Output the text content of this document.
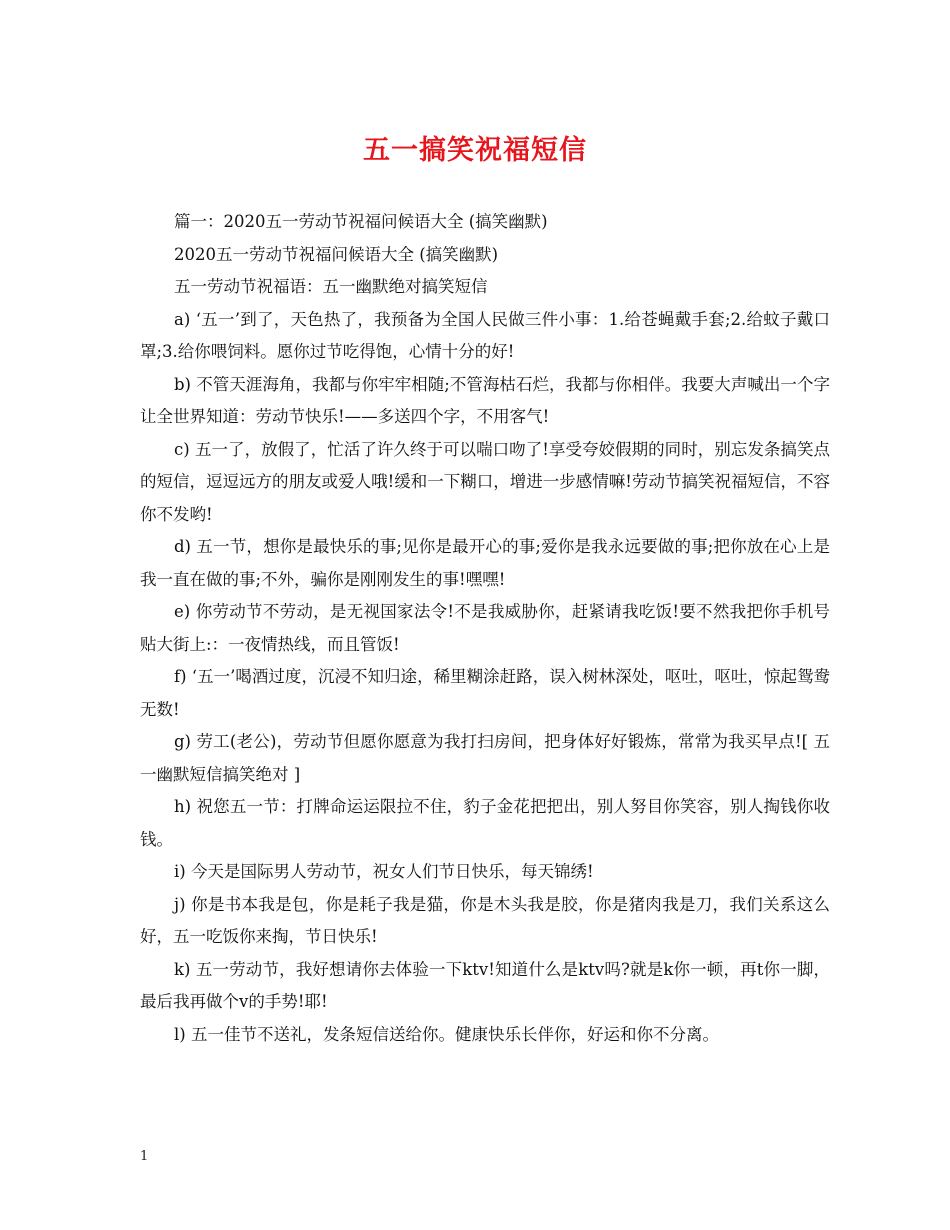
五一搞笑祝福短信

篇一：2020五一劳动节祝福问候语大全 (搞笑幽默)

2020五一劳动节祝福问候语大全 (搞笑幽默)

五一劳动节祝福语：五一幽默绝对搞笑短信

a) ‘五一’到了，天色热了，我预备为全国人民做三件小事：1.给苍蝇戴手套;2.给蚊子戴口罩;3.给你喂饲料。愿你过节吃得饱，心情十分的好!

b) 不管天涯海角，我都与你牢牢相随;不管海枯石烂，我都与你相伴。我要大声喊出一个字让全世界知道：劳动节快乐!——多送四个字，不用客气!

c) 五一了，放假了，忙活了许久终于可以喘口吻了!享受夸姣假期的同时，别忘发条搞笑点的短信，逗逗远方的朋友或爱人哦!缓和一下糊口，增进一步感情嘛!劳动节搞笑祝福短信，不容你不发哟!

d) 五一节，想你是最快乐的事;见你是最开心的事;爱你是我永远要做的事;把你放在心上是我一直在做的事;不外，骗你是刚刚发生的事!嘿嘿!

e) 你劳动节不劳动，是无视国家法令!不是我威胁你，赶紧请我吃饭!要不然我把你手机号贴大街上:：一夜情热线，而且管饭!

f) ‘五一’喝酒过度，沉浸不知归途，稀里糊涂赶路，误入树林深处，呕吐，呕吐，惊起鸳鸯无数!

g) 劳工(老公)，劳动节但愿你愿意为我打扫房间，把身体好好锻炼，常常为我买早点![ 五一幽默短信搞笑绝对 ]

h) 祝您五一节：打牌命运运限拉不住，豹子金花把把出，别人努目你笑容，别人掏钱你收钱。

i) 今天是国际男人劳动节，祝女人们节日快乐，每天锦绣!

j) 你是书本我是包，你是耗子我是猫，你是木头我是胶，你是猪肉我是刀，我们关系这么好，五一吃饭你来掏，节日快乐!

k) 五一劳动节，我好想请你去体验一下ktv!知道什么是ktv吗?就是k你一顿，再t你一脚，最后我再做个v的手势!耶!

l) 五一佳节不送礼，发条短信送给你。健康快乐长伴你，好运和你不分离。

1
